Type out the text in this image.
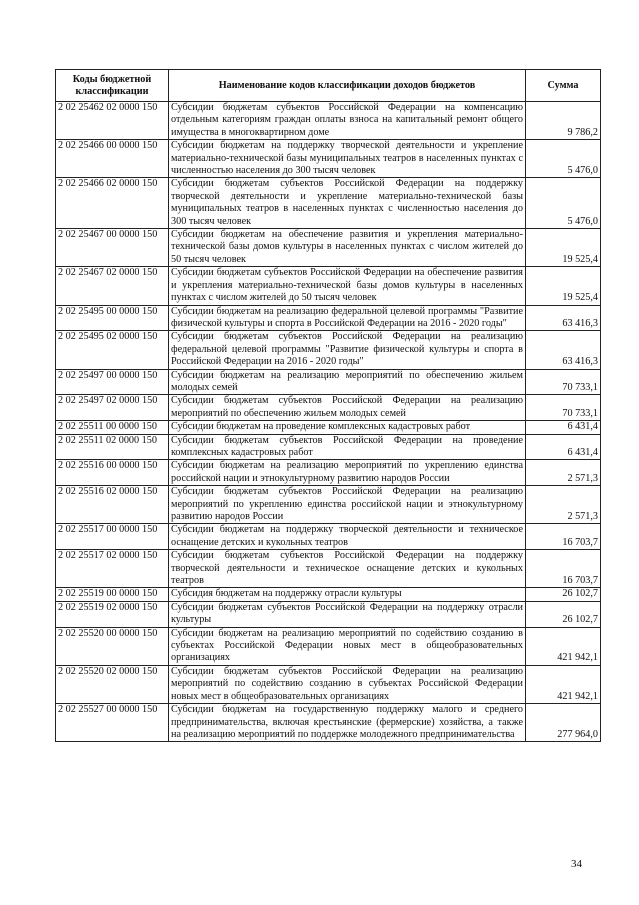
Коды бюджетной классификации	Наименование кодов классификации доходов бюджетов	Сумма
2 02 25462 02 0000 150	Субсидии бюджетам субъектов Российской Федерации на компенсацию отдельным категориям граждан оплаты взноса на капитальный ремонт общего имущества в многоквартирном доме	9 786,2
2 02 25466 00 0000 150	Субсидии бюджетам на поддержку творческой деятельности и укрепление материально-технической базы муниципальных театров в населенных пунктах с численностью населения до 300 тысяч человек	5 476,0
2 02 25466 02 0000 150	Субсидии бюджетам субъектов Российской Федерации на поддержку творческой деятельности и укрепление материально-технической базы муниципальных театров в населенных пунктах с численностью населения до 300 тысяч человек	5 476,0
2 02 25467 00 0000 150	Субсидии бюджетам на обеспечение развития и укрепления материально-технической базы домов культуры в населенных пунктах с числом жителей до 50 тысяч человек	19 525,4
2 02 25467 02 0000 150	Субсидии бюджетам субъектов Российской Федерации на обеспечение развития и укрепления материально-технической базы домов культуры в населенных пунктах с числом жителей до 50 тысяч человек	19 525,4
2 02 25495 00 0000 150	Субсидии бюджетам на реализацию федеральной целевой программы "Развитие физической культуры и спорта в Российской Федерации на 2016 - 2020 годы"	63 416,3
2 02 25495 02 0000 150	Субсидии бюджетам субъектов Российской Федерации на реализацию федеральной целевой программы "Развитие физической культуры и спорта в Российской Федерации на 2016 - 2020 годы"	63 416,3
2 02 25497 00 0000 150	Субсидии бюджетам на реализацию мероприятий по обеспечению жильем молодых семей	70 733,1
2 02 25497 02 0000 150	Субсидии бюджетам субъектов Российской Федерации на реализацию мероприятий по обеспечению жильем молодых семей	70 733,1
2 02 25511 00 0000 150	Субсидии бюджетам на проведение комплексных кадастровых работ	6 431,4
2 02 25511 02 0000 150	Субсидии бюджетам субъектов Российской Федерации на проведение комплексных кадастровых работ	6 431,4
2 02 25516 00 0000 150	Субсидии бюджетам на реализацию мероприятий по укреплению единства российской нации и этнокультурному развитию народов России	2 571,3
2 02 25516 02 0000 150	Субсидии бюджетам субъектов Российской Федерации на реализацию мероприятий по укреплению единства российской нации и этнокультурному развитию народов России	2 571,3
2 02 25517 00 0000 150	Субсидии бюджетам на поддержку творческой деятельности и техническое оснащение детских и кукольных театров	16 703,7
2 02 25517 02 0000 150	Субсидии бюджетам субъектов Российской Федерации на поддержку творческой деятельности и техническое оснащение детских и кукольных театров	16 703,7
2 02 25519 00 0000 150	Субсидия бюджетам на поддержку отрасли культуры	26 102,7
2 02 25519 02 0000 150	Субсидии бюджетам субъектов Российской Федерации на поддержку отрасли культуры	26 102,7
2 02 25520 00 0000 150	Субсидии бюджетам на реализацию мероприятий по содействию созданию в субъектах Российской Федерации новых мест в общеобразовательных организациях	421 942,1
2 02 25520 02 0000 150	Субсидии бюджетам субъектов Российской Федерации на реализацию мероприятий по содействию созданию в субъектах Российской Федерации новых мест в общеобразовательных организациях	421 942,1
2 02 25527 00 0000 150	Субсидии бюджетам на государственную поддержку малого и среднего предпринимательства, включая крестьянские (фермерские) хозяйства, а также на реализацию мероприятий по поддержке молодежного предпринимательства	277 964,0
34
